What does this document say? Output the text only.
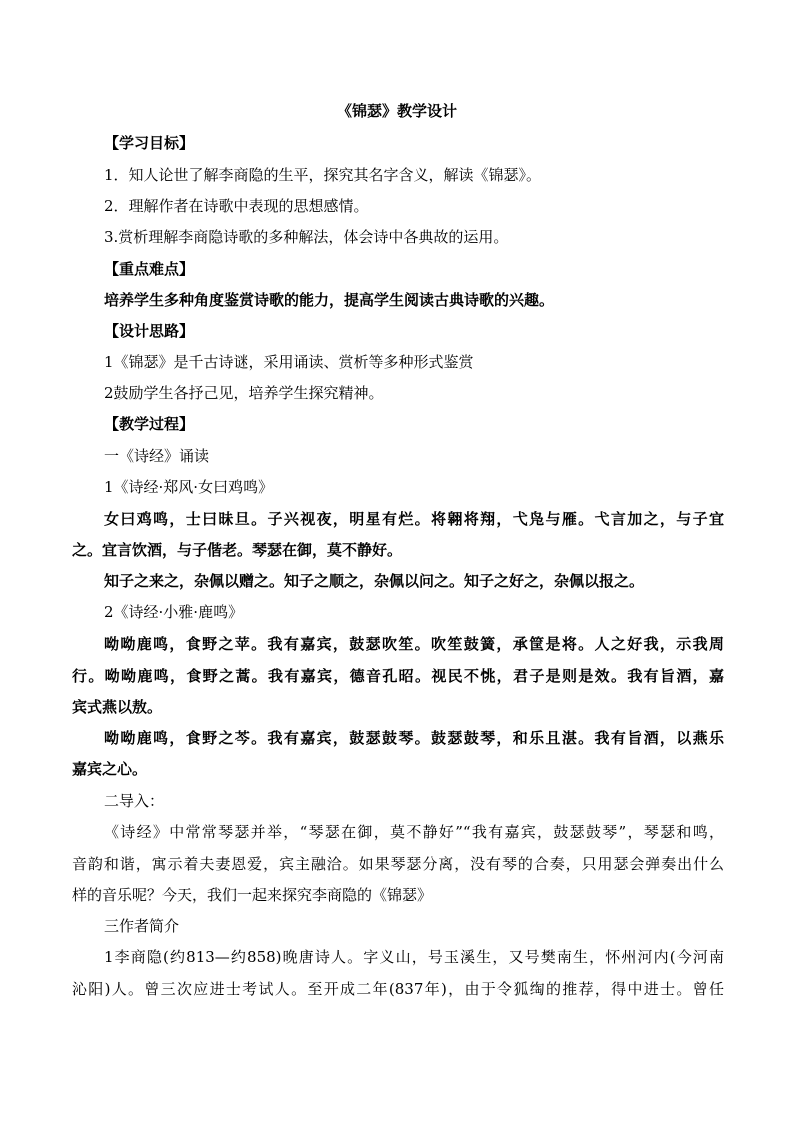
《锦瑟》教学设计
【学习目标】
1．知人论世了解李商隐的生平，探究其名字含义，解读《锦瑟》。
2．理解作者在诗歌中表现的思想感情。
3.赏析理解李商隐诗歌的多种解法，体会诗中各典故的运用。
【重点难点】
培养学生多种角度鉴赏诗歌的能力，提高学生阅读古典诗歌的兴趣。
【设计思路】
1《锦瑟》是千古诗谜，采用诵读、赏析等多种形式鉴赏
2鼓励学生各抒己见，培养学生探究精神。
【教学过程】
一《诗经》诵读
1《诗经·郑风·女曰鸡鸣》
女曰鸡鸣，士曰昧旦。子兴视夜，明星有烂。将翱将翔，弋凫与雁。弋言加之，与子宜
之。宜言饮酒，与子偕老。琴瑟在御，莫不静好。
知子之来之，杂佩以赠之。知子之顺之，杂佩以问之。知子之好之，杂佩以报之。
2《诗经·小雅·鹿鸣》
呦呦鹿鸣，食野之苹。我有嘉宾，鼓瑟吹笙。吹笙鼓簧，承筐是将。人之好我，示我周
行。呦呦鹿鸣，食野之蒿。我有嘉宾，德音孔昭。视民不恌，君子是则是效。我有旨酒，嘉
宾式燕以敖。
呦呦鹿鸣，食野之芩。我有嘉宾，鼓瑟鼓琴。鼓瑟鼓琴，和乐且湛。我有旨酒，以燕乐
嘉宾之心。
二导入：
《诗经》中常常琴瑟并举，“琴瑟在御，莫不静好”“我有嘉宾，鼓瑟鼓琴”，琴瑟和鸣，
音韵和谐，寓示着夫妻恩爱，宾主融洽。如果琴瑟分离，没有琴的合奏，只用瑟会弹奏出什么
样的音乐呢？今天，我们一起来探究李商隐的《锦瑟》
三作者简介
1李商隐(约813—约858)晚唐诗人。字义山，号玉溪生，又号樊南生，怀州河内(今河南
沁阳)人。曾三次应进士考试人。至开成二年(837年)，由于令狐绹的推荐，得中进士。曾任
